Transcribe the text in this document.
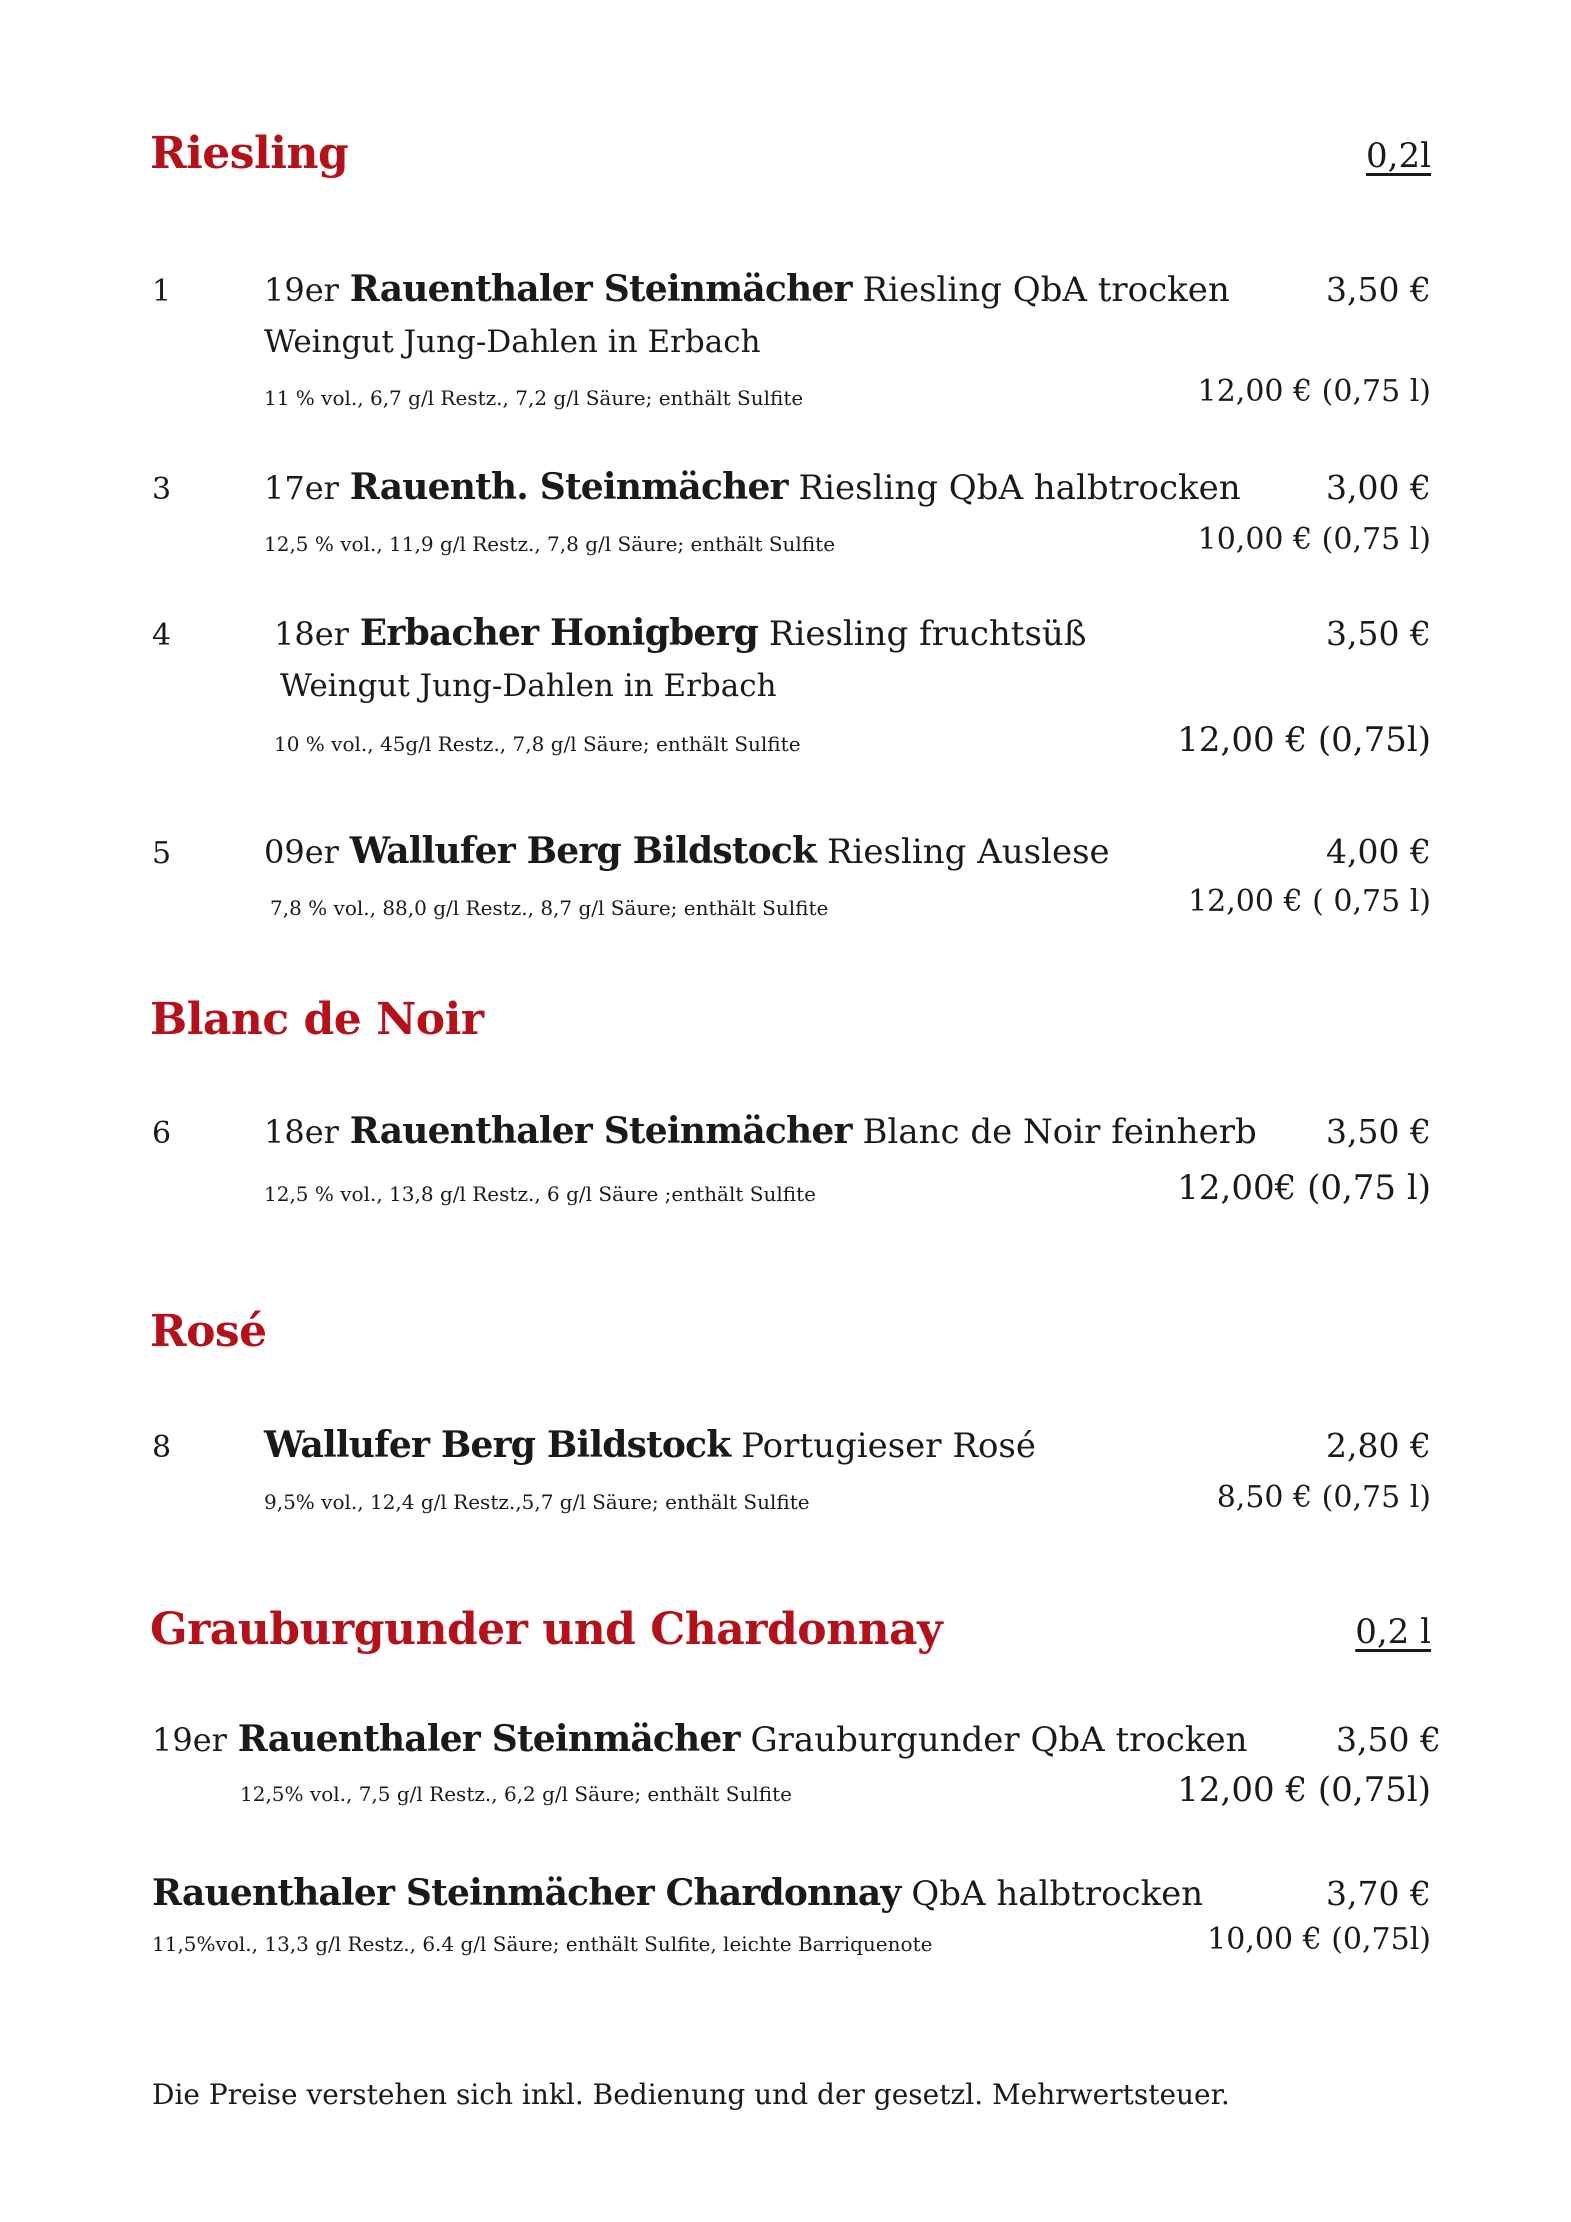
Riesling	0,2l
1	19er Rauenthaler Steinmächer Riesling QbA trocken
Weingut Jung-Dahlen in Erbach
11 % vol., 6,7 g/l Restz., 7,2 g/l Säure; enthält Sulfite
3,50 €
12,00 € (0,75 l)
3	17er Rauenth. Steinmächer Riesling QbA halbtrocken
12,5 % vol., 11,9 g/l Restz., 7,8 g/l Säure; enthält Sulfite
3,00 €
10,00 € (0,75 l)
4	18er Erbacher Honigberg Riesling fruchtsüß
Weingut Jung-Dahlen in Erbach
10 % vol., 45g/l Restz., 7,8 g/l Säure; enthält Sulfite
3,50 €
12,00 € (0,75l)
5	09er Wallufer Berg Bildstock Riesling Auslese
7,8 % vol., 88,0 g/l Restz., 8,7 g/l Säure; enthält Sulfite
4,00 €
12,00 € ( 0,75 l)
Blanc de Noir
6	18er Rauenthaler Steinmächer Blanc de Noir feinherb
12,5 % vol., 13,8 g/l Restz., 6 g/l Säure ;enthält Sulfite
3,50 €
12,00€ (0,75 l)
Rosé
8	Wallufer Berg Bildstock Portugieser Rosé
9,5% vol., 12,4 g/l Restz.,5,7 g/l Säure; enthält Sulfite
2,80 €
8,50 € (0,75 l)
Grauburgunder und Chardonnay	0,2 l
19er Rauenthaler Steinmächer Grauburgunder QbA trocken
12,5% vol., 7,5 g/l Restz., 6,2 g/l Säure; enthält Sulfite
3,50 €
12,00 € (0,75l)
Rauenthaler Steinmächer Chardonnay QbA halbtrocken
11,5%vol., 13,3 g/l Restz., 6.4 g/l Säure; enthält Sulfite, leichte Barriquenote
3,70 €
10,00 € (0,75l)
Die Preise verstehen sich inkl. Bedienung und der gesetzl. Mehrwertsteuer.
